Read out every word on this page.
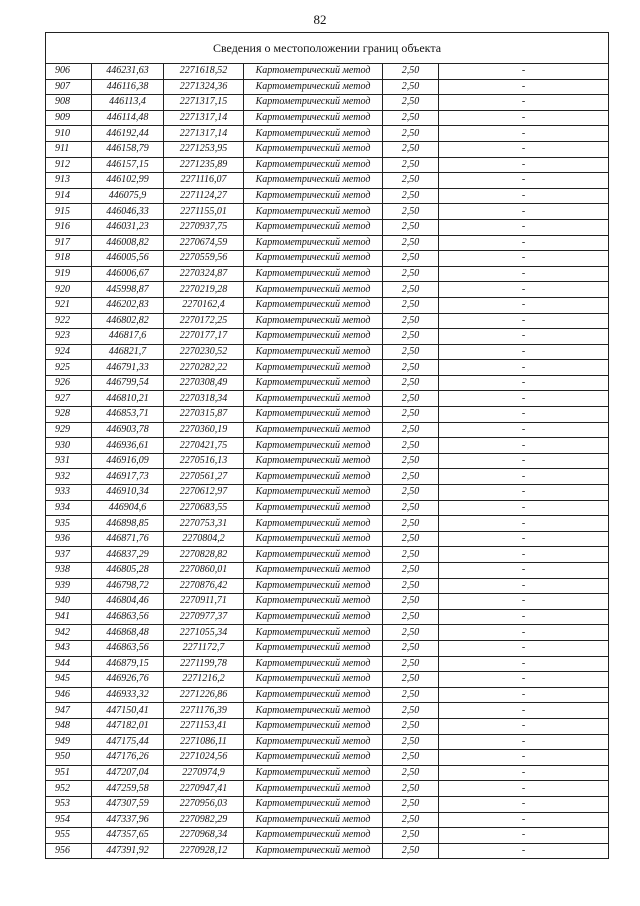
82
Сведения о местоположении границ объекта					
906	446231,63	2271618,52	Картометрический метод	2,50	-
907	446116,38	2271324,36	Картометрический метод	2,50	-
908	446113,4	2271317,15	Картометрический метод	2,50	-
909	446114,48	2271317,14	Картометрический метод	2,50	-
910	446192,44	2271317,14	Картометрический метод	2,50	-
911	446158,79	2271253,95	Картометрический метод	2,50	-
912	446157,15	2271235,89	Картометрический метод	2,50	-
913	446102,99	2271116,07	Картометрический метод	2,50	-
914	446075,9	2271124,27	Картометрический метод	2,50	-
915	446046,33	2271155,01	Картометрический метод	2,50	-
916	446031,23	2270937,75	Картометрический метод	2,50	-
917	446008,82	2270674,59	Картометрический метод	2,50	-
918	446005,56	2270559,56	Картометрический метод	2,50	-
919	446006,67	2270324,87	Картометрический метод	2,50	-
920	445998,87	2270219,28	Картометрический метод	2,50	-
921	446202,83	2270162,4	Картометрический метод	2,50	-
922	446802,82	2270172,25	Картометрический метод	2,50	-
923	446817,6	2270177,17	Картометрический метод	2,50	-
924	446821,7	2270230,52	Картометрический метод	2,50	-
925	446791,33	2270282,22	Картометрический метод	2,50	-
926	446799,54	2270308,49	Картометрический метод	2,50	-
927	446810,21	2270318,34	Картометрический метод	2,50	-
928	446853,71	2270315,87	Картометрический метод	2,50	-
929	446903,78	2270360,19	Картометрический метод	2,50	-
930	446936,61	2270421,75	Картометрический метод	2,50	-
931	446916,09	2270516,13	Картометрический метод	2,50	-
932	446917,73	2270561,27	Картометрический метод	2,50	-
933	446910,34	2270612,97	Картометрический метод	2,50	-
934	446904,6	2270683,55	Картометрический метод	2,50	-
935	446898,85	2270753,31	Картометрический метод	2,50	-
936	446871,76	2270804,2	Картометрический метод	2,50	-
937	446837,29	2270828,82	Картометрический метод	2,50	-
938	446805,28	2270860,01	Картометрический метод	2,50	-
939	446798,72	2270876,42	Картометрический метод	2,50	-
940	446804,46	2270911,71	Картометрический метод	2,50	-
941	446863,56	2270977,37	Картометрический метод	2,50	-
942	446868,48	2271055,34	Картометрический метод	2,50	-
943	446863,56	2271172,7	Картометрический метод	2,50	-
944	446879,15	2271199,78	Картометрический метод	2,50	-
945	446926,76	2271216,2	Картометрический метод	2,50	-
946	446933,32	2271226,86	Картометрический метод	2,50	-
947	447150,41	2271176,39	Картометрический метод	2,50	-
948	447182,01	2271153,41	Картометрический метод	2,50	-
949	447175,44	2271086,11	Картометрический метод	2,50	-
950	447176,26	2271024,56	Картометрический метод	2,50	-
951	447207,04	2270974,9	Картометрический метод	2,50	-
952	447259,58	2270947,41	Картометрический метод	2,50	-
953	447307,59	2270956,03	Картометрический метод	2,50	-
954	447337,96	2270982,29	Картометрический метод	2,50	-
955	447357,65	2270968,34	Картометрический метод	2,50	-
956	447391,92	2270928,12	Картометрический метод	2,50	-
